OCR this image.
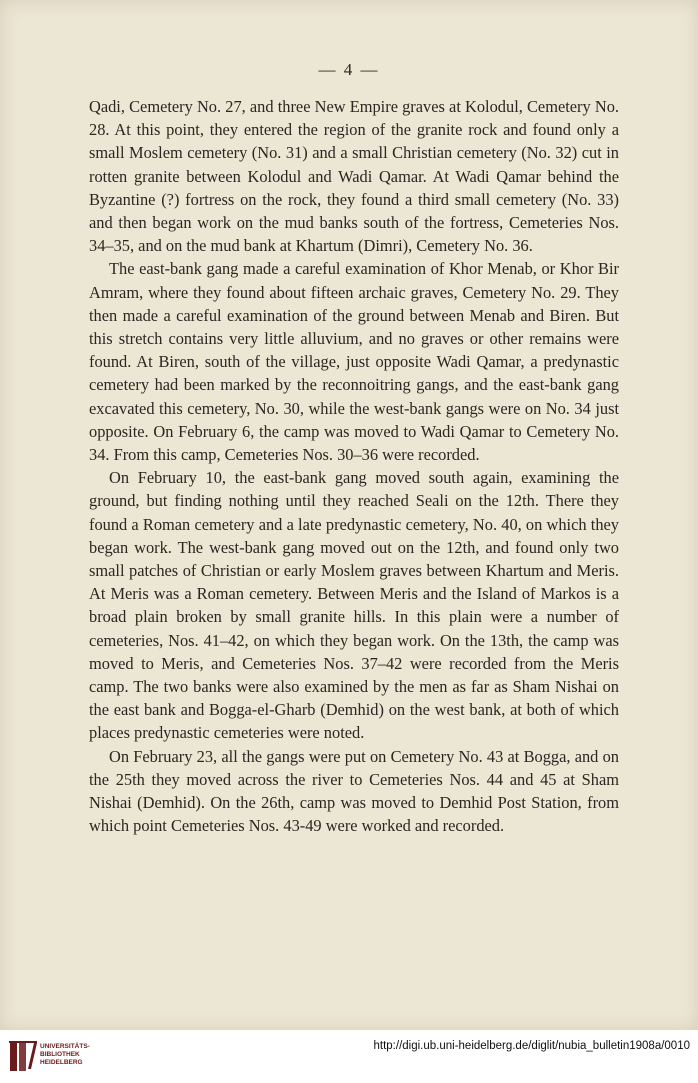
— 4 —

Qadi, Cemetery No. 27, and three New Empire graves at Kolodul, Cemetery No. 28. At this point, they entered the region of the granite rock and found only a small Moslem cemetery (No. 31) and a small Christian cemetery (No. 32) cut in rotten granite between Kolodul and Wadi Qamar. At Wadi Qamar behind the Byzantine (?) fortress on the rock, they found a third small cemetery (No. 33) and then began work on the mud banks south of the fortress, Cemeteries Nos. 34–35, and on the mud bank at Khartum (Dimri), Cemetery No. 36.

The east-bank gang made a careful examination of Khor Menab, or Khor Bir Amram, where they found about fifteen archaic graves, Cemetery No. 29. They then made a careful examination of the ground between Menab and Biren. But this stretch contains very little alluvium, and no graves or other remains were found. At Biren, south of the village, just opposite Wadi Qamar, a predynastic cemetery had been marked by the reconnoitring gangs, and the east-bank gang excavated this cemetery, No. 30, while the west-bank gangs were on No. 34 just opposite. On February 6, the camp was moved to Wadi Qamar to Cemetery No. 34. From this camp, Cemeteries Nos. 30–36 were recorded.

On February 10, the east-bank gang moved south again, examining the ground, but finding nothing until they reached Seali on the 12th. There they found a Roman cemetery and a late predynastic cemetery, No. 40, on which they began work. The west-bank gang moved out on the 12th, and found only two small patches of Christian or early Moslem graves between Khartum and Meris. At Meris was a Roman cemetery. Between Meris and the Island of Markos is a broad plain broken by small granite hills. In this plain were a number of cemeteries, Nos. 41–42, on which they began work. On the 13th, the camp was moved to Meris, and Cemeteries Nos. 37–42 were recorded from the Meris camp. The two banks were also examined by the men as far as Sham Nishai on the east bank and Bogga-el-Gharb (Demhid) on the west bank, at both of which places predynastic cemeteries were noted.

On February 23, all the gangs were put on Cemetery No. 43 at Bogga, and on the 25th they moved across the river to Cemeteries Nos. 44 and 45 at Sham Nishai (Demhid). On the 26th, camp was moved to Demhid Post Station, from which point Cemeteries Nos. 43-49 were worked and recorded.

UNIVERSITÄTS-
BIBLIOTHEK
HEIDELBERG
http://digi.ub.uni-heidelberg.de/diglit/nubia_bulletin1908a/0010
